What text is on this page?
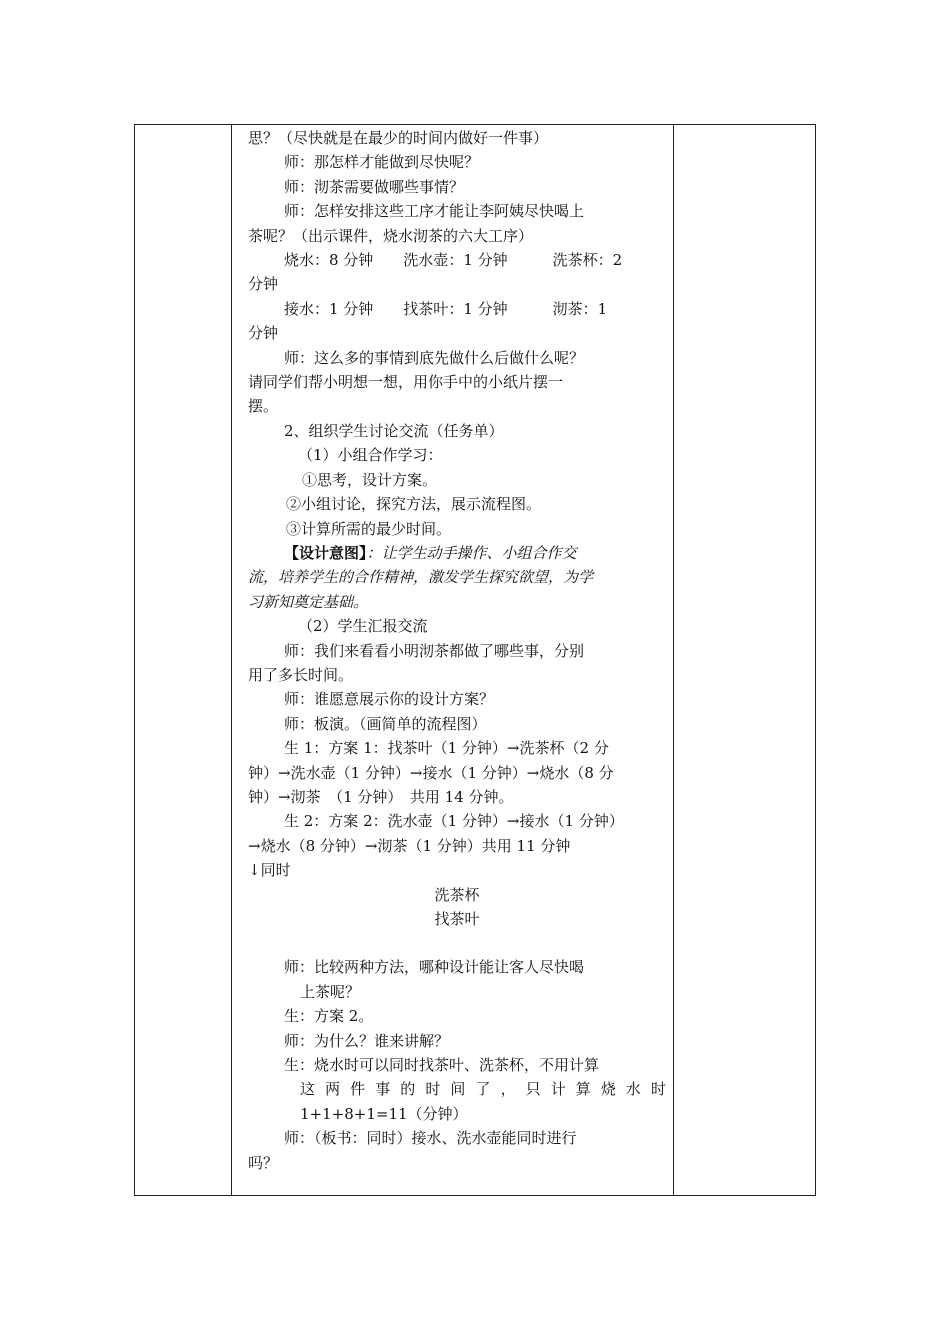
思？（尽快就是在最少的时间内做好一件事）

师：那怎样才能做到尽快呢？

师：沏茶需要做哪些事情？

师：怎样安排这些工序才能让李阿姨尽快喝上

茶呢？（出示课件，烧水沏茶的六大工序）

烧水：8 分钟　　洗水壶：1 分钟　　　洗茶杯：2

分钟

接水：1 分钟　　找茶叶：1 分钟　　　沏茶：1

分钟

师：这么多的事情到底先做什么后做什么呢？

请同学们帮小明想一想，用你手中的小纸片摆一

摆。

2、组织学生讨论交流（任务单）

（1）小组合作学习：

①思考，设计方案。

②小组讨论，探究方法，展示流程图。

③计算所需的最少时间。

【设计意图】：让学生动手操作、小组合作交

流，培养学生的合作精神，激发学生探究欲望，为学

习新知奠定基础。

（2）学生汇报交流

师：我们来看看小明沏茶都做了哪些事，分别

用了多长时间。

师：谁愿意展示你的设计方案？

师：板演。（画简单的流程图）

生 1：方案 1：找茶叶（1 分钟）→洗茶杯（2 分

钟）→洗水壶（1 分钟）→接水（1 分钟）→烧水（8 分

钟）→沏茶　（1 分钟）　共用 14 分钟。

生 2：方案 2：洗水壶（1 分钟）→接水（1 分钟）

→烧水（8 分钟）→沏茶（1 分钟）共用 11 分钟

↓同时

洗茶杯

找茶叶

师：比较两种方法，哪种设计能让客人尽快喝

上茶呢？

生：方案 2。

师：为什么？谁来讲解？

生：烧水时可以同时找茶叶、洗茶杯，不用计算

这两件事的时间了，只计算烧水时

1+1+8+1=11（分钟）

师：（板书：同时）接水、洗水壶能同时进行

吗？
